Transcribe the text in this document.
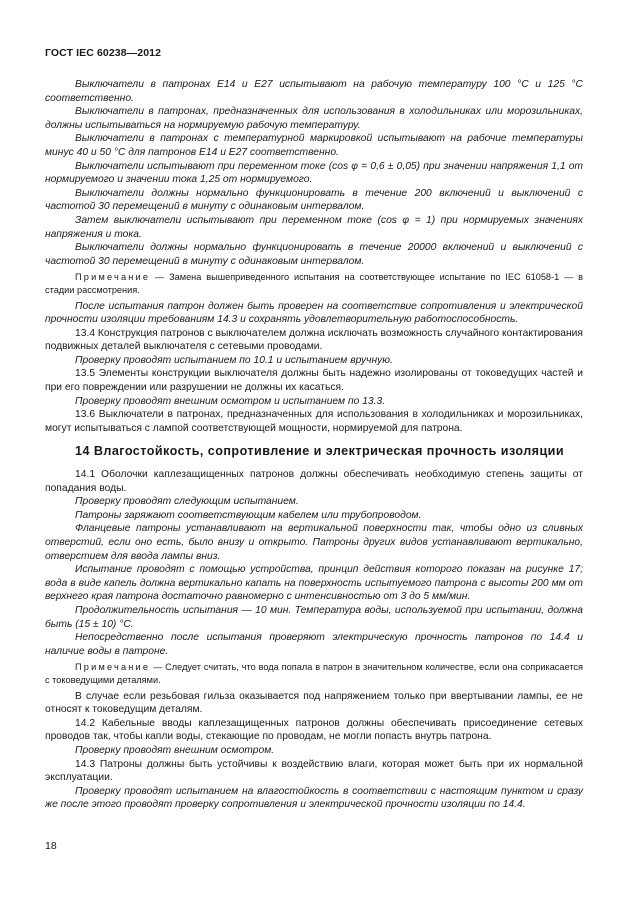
ГОСТ IEC 60238—2012

Выключатели в патронах Е14 и Е27 испытывают на рабочую температуру 100 °С и 125 °С соответственно.

Выключатели в патронах, предназначенных для использования в холодильниках или морозильниках, должны испытываться на нормируемую рабочую температуру.

Выключатели в патронах с температурной маркировкой испытывают на рабочие температуры минус 40 и 50 °С для патронов Е14 и Е27 соответственно.

Выключатели испытывают при переменном токе (cos φ = 0,6 ± 0,05) при значении напряжения 1,1 от нормируемого и значении тока 1,25 от нормируемого.

Выключатели должны нормально функционировать в течение 200 включений и выключений с частотой 30 перемещений в минуту с одинаковым интервалом.

Затем выключатели испытывают при переменном токе (cos φ = 1) при нормируемых значениях напряжения и тока.

Выключатели должны нормально функционировать в течение 20000 включений и выключений с частотой 30 перемещений в минуту с одинаковым интервалом.

Примечание — Замена вышеприведенного испытания на соответствующее испытание по IEC 61058-1 — в стадии рассмотрения.

После испытания патрон должен быть проверен на соответствие сопротивления и электрической прочности изоляции требованиям 14.3 и сохранять удовлетворительную работоспособность.

13.4 Конструкция патронов с выключателем должна исключать возможность случайного контактирования подвижных деталей выключателя с сетевыми проводами.

Проверку проводят испытанием по 10.1 и испытанием вручную.

13.5 Элементы конструкции выключателя должны быть надежно изолированы от токоведущих частей и при его повреждении или разрушении не должны их касаться.

Проверку проводят внешним осмотром и испытанием по 13.3.

13.6 Выключатели в патронах, предназначенных для использования в холодильниках и морозильниках, могут испытываться с лампой соответствующей мощности, нормируемой для патрона.

14 Влагостойкость, сопротивление и электрическая прочность изоляции

14.1 Оболочки каплезащищенных патронов должны обеспечивать необходимую степень защиты от попадания воды.

Проверку проводят следующим испытанием.

Патроны заряжают соответствующим кабелем или трубопроводом.

Фланцевые патроны устанавливают на вертикальной поверхности так, чтобы одно из сливных отверстий, если оно есть, было внизу и открыто. Патроны других видов устанавливают вертикально, отверстием для ввода лампы вниз.

Испытание проводят с помощью устройства, принцип действия которого показан на рисунке 17; вода в виде капель должна вертикально капать на поверхность испытуемого патрона с высоты 200 мм от верхнего края патрона достаточно равномерно с интенсивностью от 3 до 5 мм/мин.

Продолжительность испытания — 10 мин. Температура воды, используемой при испытании, должна быть (15 ± 10) °С.

Непосредственно после испытания проверяют электрическую прочность патронов по 14.4 и наличие воды в патроне.

Примечание — Следует считать, что вода попала в патрон в значительном количестве, если она соприкасается с токоведущими деталями.

В случае если резьбовая гильза оказывается под напряжением только при ввертывании лампы, ее не относят к токоведущим деталям.

14.2 Кабельные вводы каплезащищенных патронов должны обеспечивать присоединение сетевых проводов так, чтобы капли воды, стекающие по проводам, не могли попасть внутрь патрона.

Проверку проводят внешним осмотром.

14.3 Патроны должны быть устойчивы к воздействию влаги, которая может быть при их нормальной эксплуатации.

Проверку проводят испытанием на влагостойкость в соответствии с настоящим пунктом и сразу же после этого проводят проверку сопротивления и электрической прочности изоляции по 14.4.

18
